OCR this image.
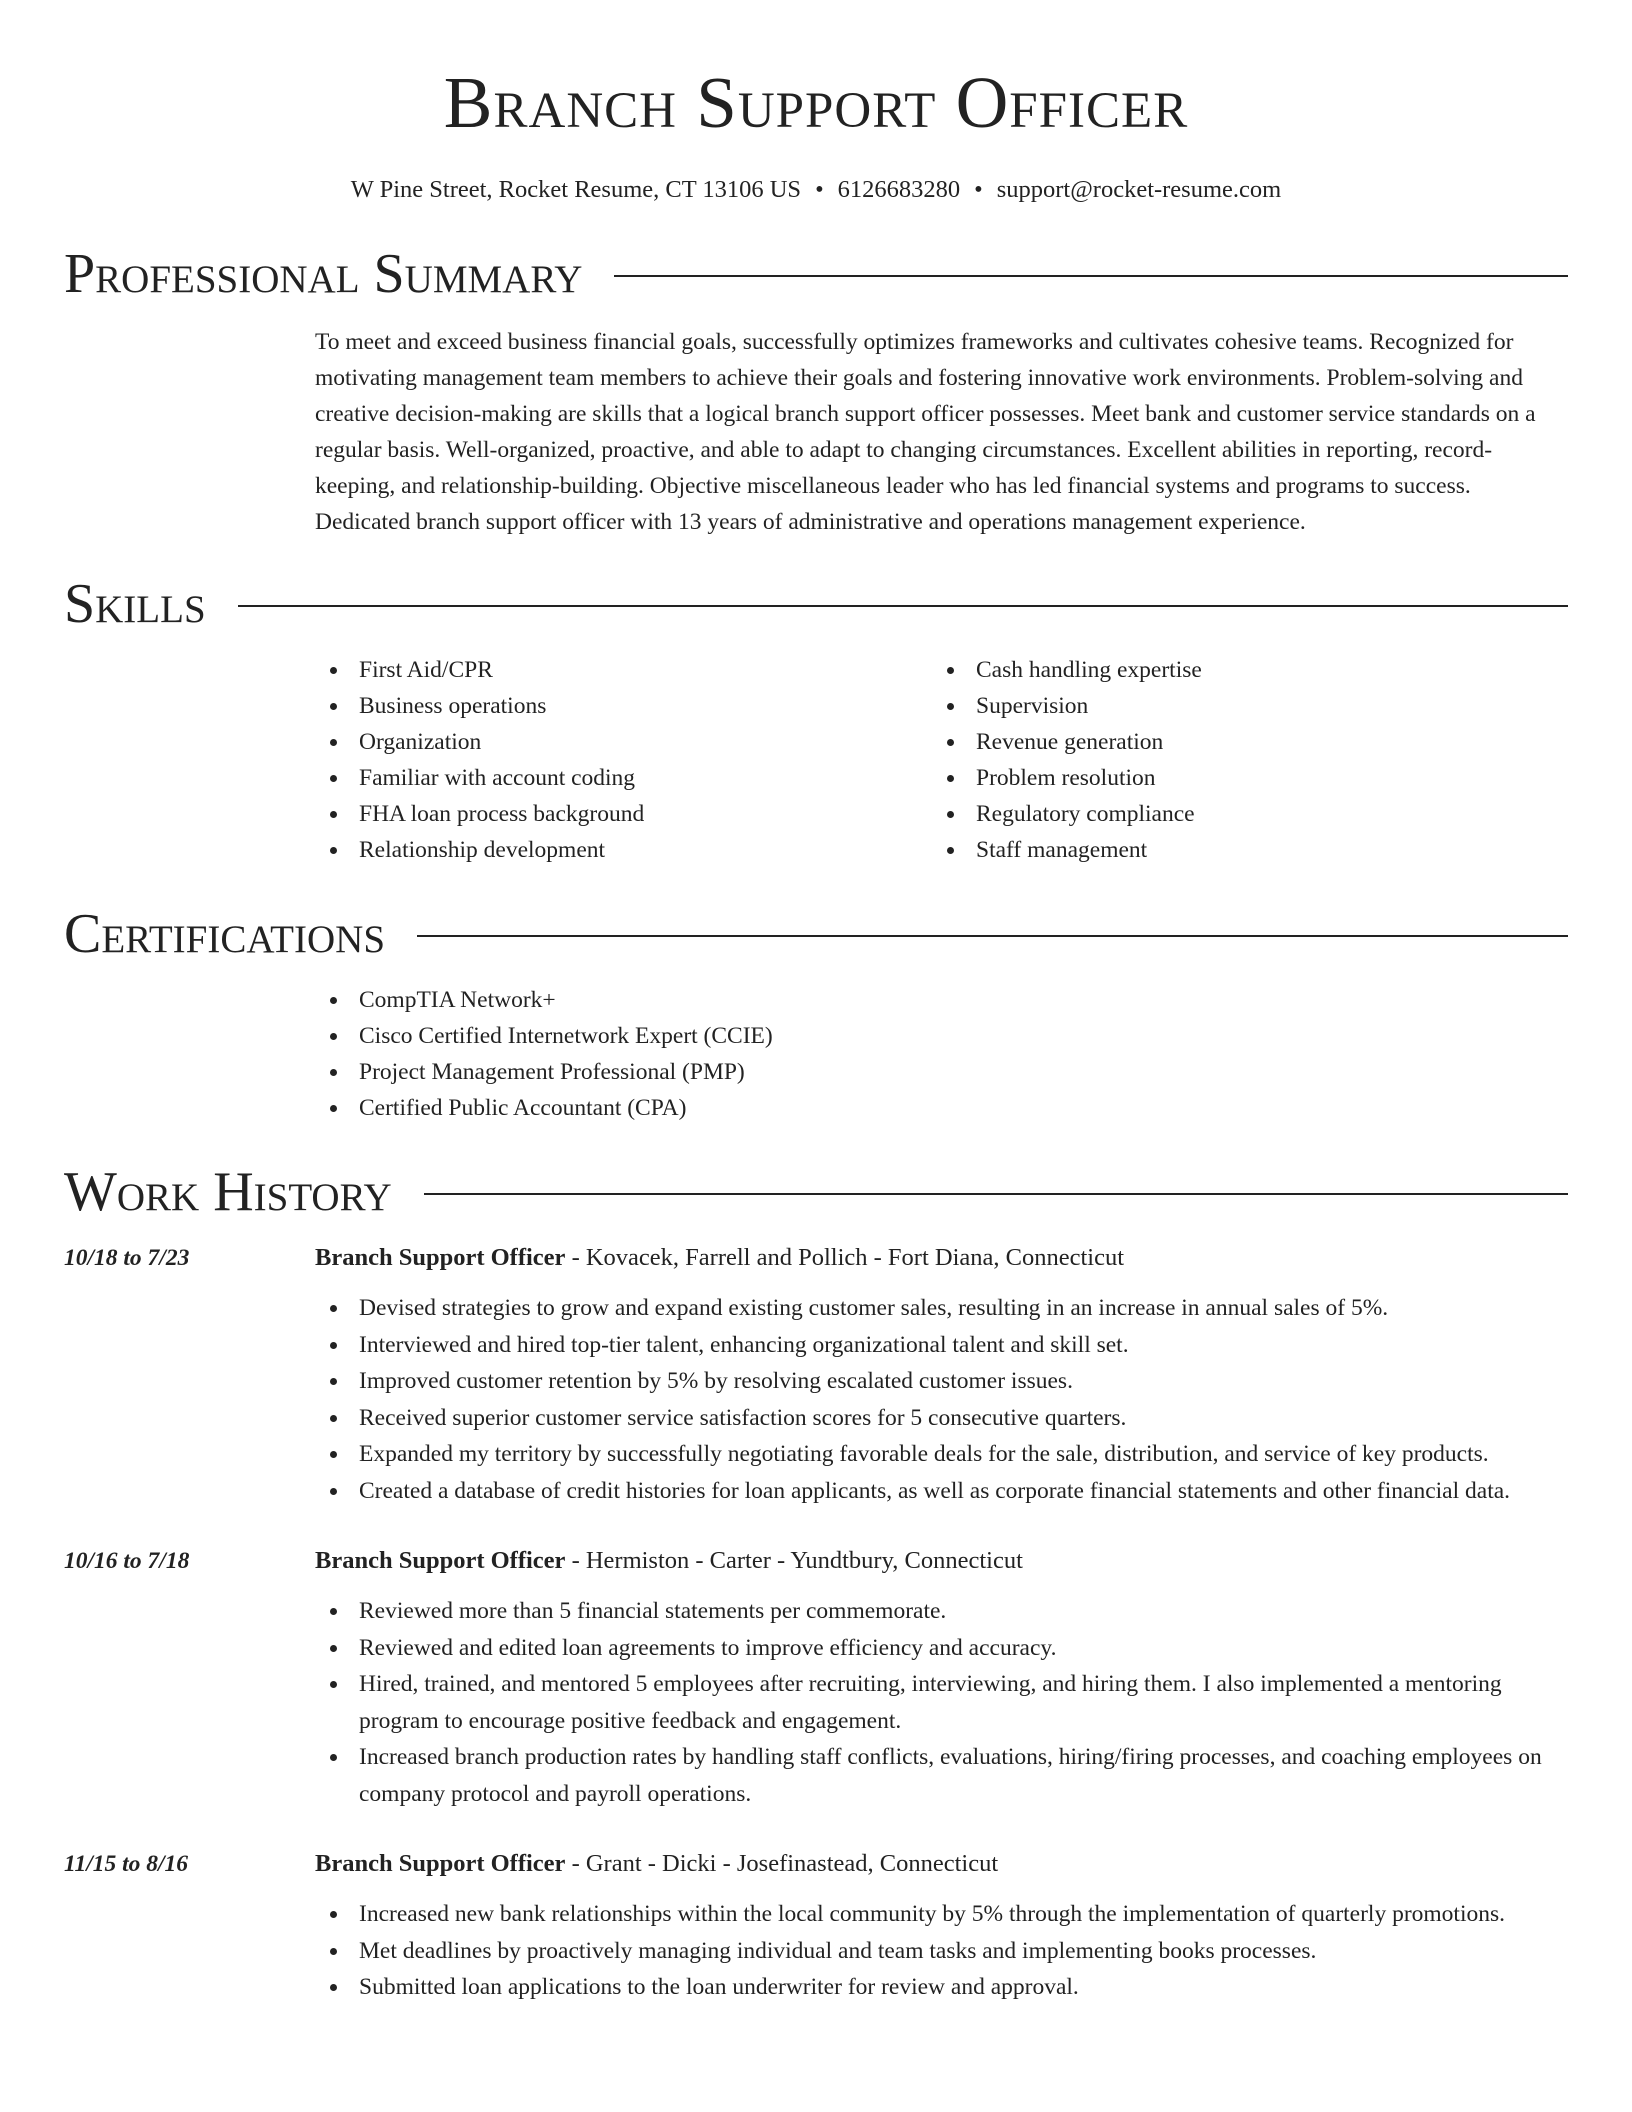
Branch Support Officer
W Pine Street, Rocket Resume, CT 13106 US • 6126683280 • support@rocket-resume.com
Professional Summary
To meet and exceed business financial goals, successfully optimizes frameworks and cultivates cohesive teams. Recognized for motivating management team members to achieve their goals and fostering innovative work environments. Problem-solving and creative decision-making are skills that a logical branch support officer possesses. Meet bank and customer service standards on a regular basis. Well-organized, proactive, and able to adapt to changing circumstances. Excellent abilities in reporting, record-keeping, and relationship-building. Objective miscellaneous leader who has led financial systems and programs to success. Dedicated branch support officer with 13 years of administrative and operations management experience.
Skills
First Aid/CPR
Business operations
Organization
Familiar with account coding
FHA loan process background
Relationship development
Cash handling expertise
Supervision
Revenue generation
Problem resolution
Regulatory compliance
Staff management
Certifications
CompTIA Network+
Cisco Certified Internetwork Expert (CCIE)
Project Management Professional (PMP)
Certified Public Accountant (CPA)
Work History
10/18 to 7/23	Branch Support Officer - Kovacek, Farrell and Pollich - Fort Diana, Connecticut
Devised strategies to grow and expand existing customer sales, resulting in an increase in annual sales of 5%.
Interviewed and hired top-tier talent, enhancing organizational talent and skill set.
Improved customer retention by 5% by resolving escalated customer issues.
Received superior customer service satisfaction scores for 5 consecutive quarters.
Expanded my territory by successfully negotiating favorable deals for the sale, distribution, and service of key products.
Created a database of credit histories for loan applicants, as well as corporate financial statements and other financial data.
10/16 to 7/18	Branch Support Officer - Hermiston - Carter - Yundtbury, Connecticut
Reviewed more than 5 financial statements per commemorate.
Reviewed and edited loan agreements to improve efficiency and accuracy.
Hired, trained, and mentored 5 employees after recruiting, interviewing, and hiring them. I also implemented a mentoring program to encourage positive feedback and engagement.
Increased branch production rates by handling staff conflicts, evaluations, hiring/firing processes, and coaching employees on company protocol and payroll operations.
11/15 to 8/16	Branch Support Officer - Grant - Dicki - Josefinastead, Connecticut
Increased new bank relationships within the local community by 5% through the implementation of quarterly promotions.
Met deadlines by proactively managing individual and team tasks and implementing books processes.
Submitted loan applications to the loan underwriter for review and approval.
